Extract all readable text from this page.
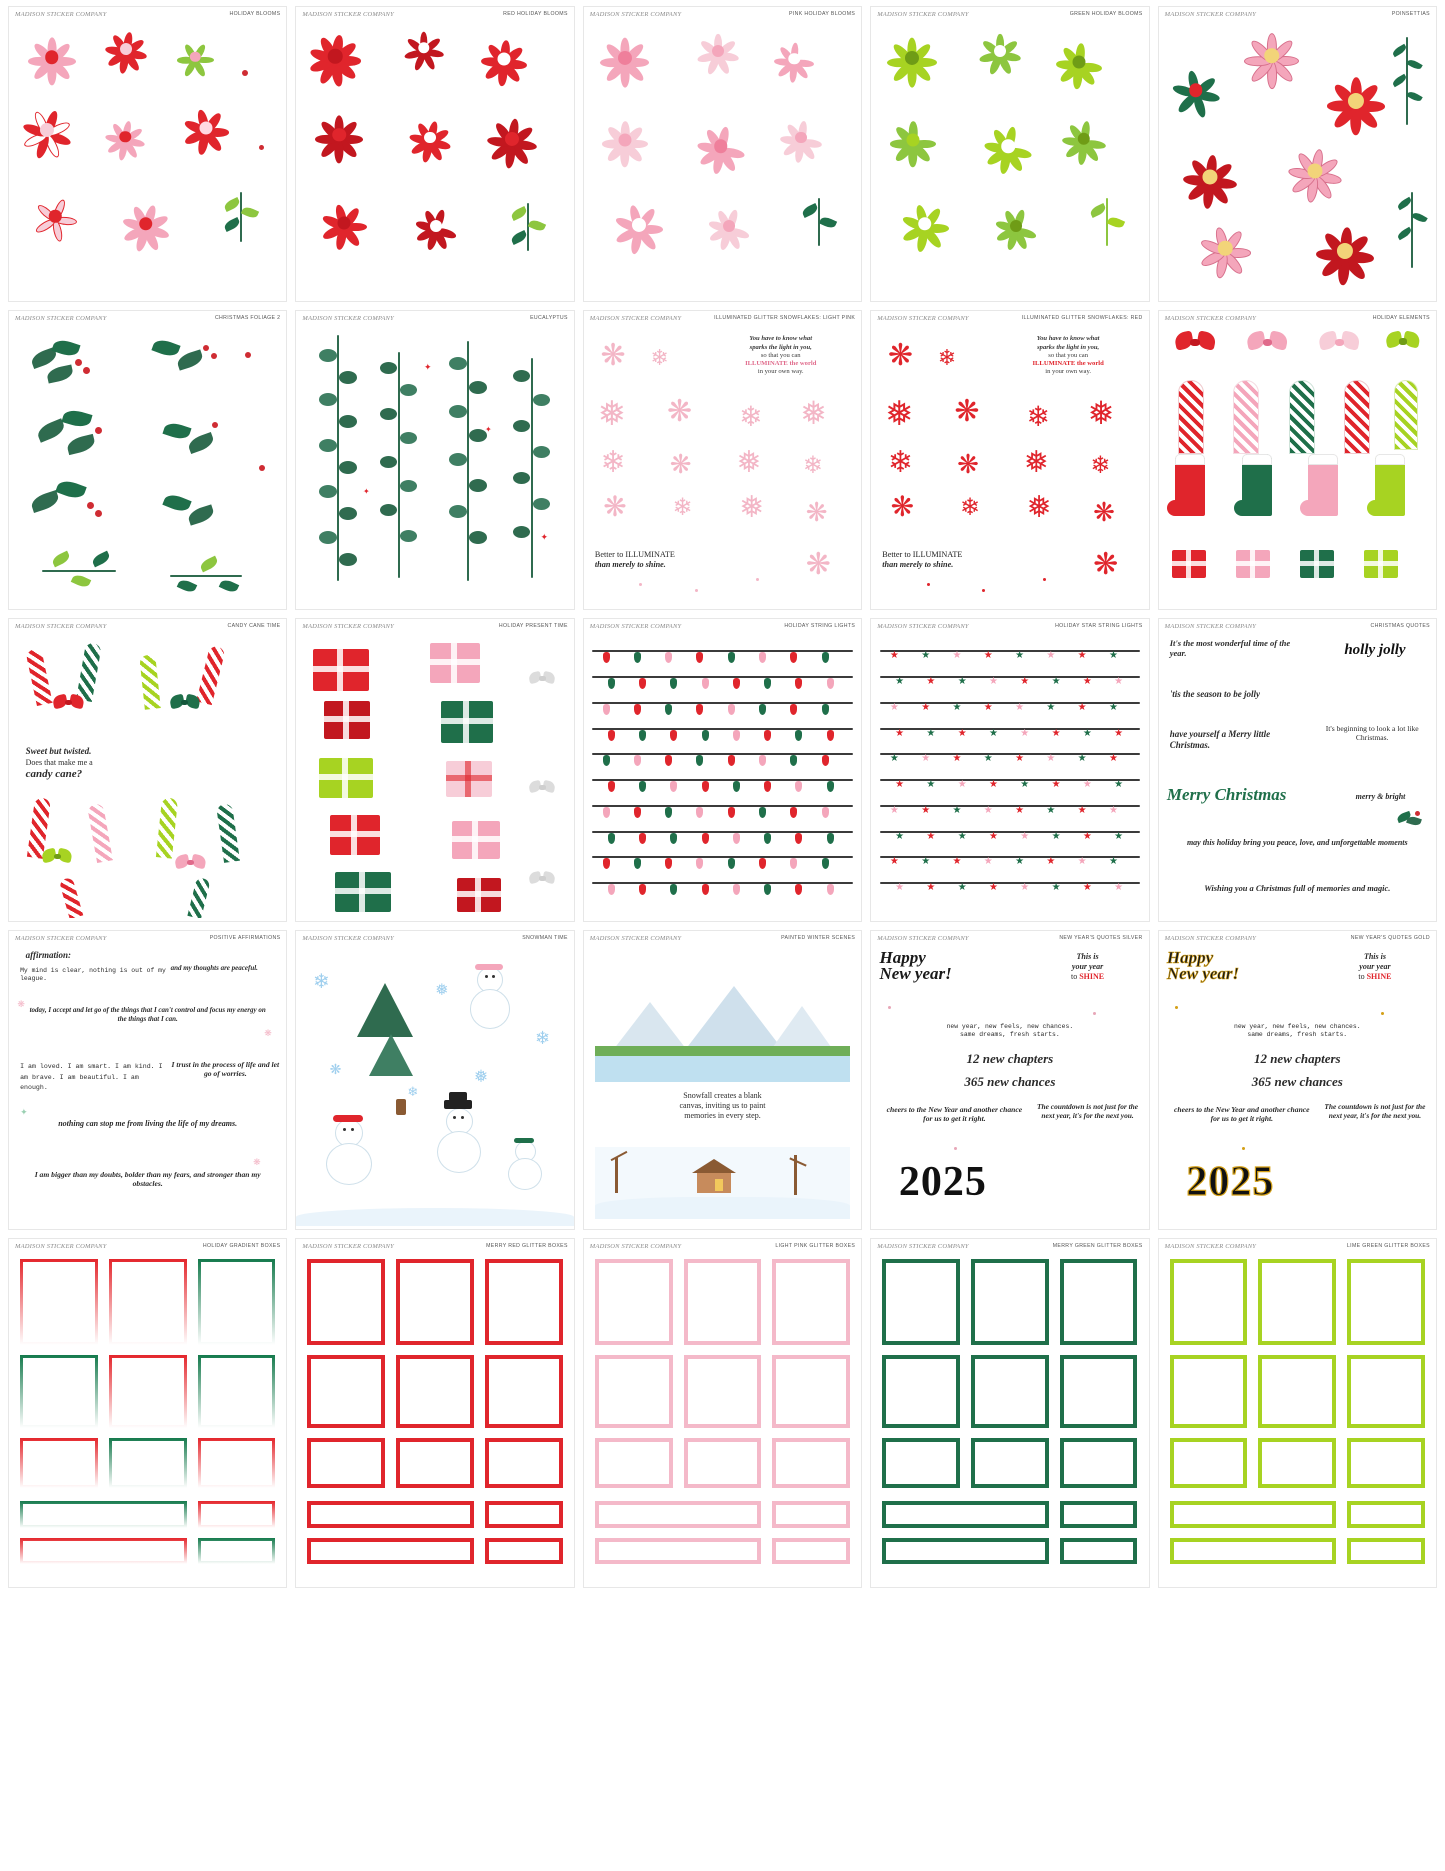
MADISON STICKER COMPANY	HOLIDAY BLOOMS	MADISON STICKER COMPANY	RED HOLIDAY BLOOMS	MADISON STICKER COMPANY	PINK HOLIDAY BLOOMS	MADISON STICKER COMPANY	GREEN HOLIDAY BLOOMS	MADISON STICKER COMPANY	POINSETTIAS
MADISON STICKER COMPANY	CHRISTMAS FOLIAGE 2	MADISON STICKER COMPANY	EUCALYPTUS
✦
✦
✦
✦
MADISON STICKER COMPANY	ILLUMINATED GLITTER SNOWFLAKES: LIGHT PINK
You have to know what
sparks the light in you,
so that you can
ILLUMINATE the world
in your own way.
❋ ❄
❅ ❋ ❄ ❅
❄ ❋ ❅ ❄
❋ ❄ ❅ ❋
Better to ILLUMINATE
than merely to shine.	❋
MADISON STICKER COMPANY	ILLUMINATED GLITTER SNOWFLAKES: RED
You have to know what
sparks the light in you,
so that you can
ILLUMINATE the world
in your own way.
❋ ❄
❅ ❋ ❄ ❅
❄ ❋ ❅ ❄
❋ ❄ ❅ ❋
Better to ILLUMINATE
than merely to shine.	❋
MADISON STICKER COMPANY	HOLIDAY ELEMENTS
MADISON STICKER COMPANY	CANDY CANE TIME
Sweet but twisted.
Does that make me a
candy cane?
MADISON STICKER COMPANY	HOLIDAY PRESENT TIME	MADISON STICKER COMPANY	HOLIDAY STRING LIGHTS	MADISON STICKER COMPANY	HOLIDAY STAR STRING LIGHTS
★ ★ ★ ★ ★ ★ ★ ★
★ ★ ★ ★ ★ ★ ★ ★
★ ★ ★ ★ ★ ★ ★ ★
★ ★ ★ ★ ★ ★ ★ ★
★ ★ ★ ★ ★ ★ ★ ★
★ ★ ★ ★ ★ ★ ★ ★
★ ★ ★ ★ ★ ★ ★ ★
★ ★ ★ ★ ★ ★ ★ ★
★ ★ ★ ★ ★ ★ ★ ★
★ ★ ★ ★ ★ ★ ★ ★
MADISON STICKER COMPANY	CHRISTMAS QUOTES
It's the most wonderful time of the year.	holly jolly
'tis the season to be jolly
have yourself a Merry little Christmas.
It's beginning to look a lot like Christmas.
Merry Christmas	merry & bright
may this holiday bring you peace, love, and unforgettable moments
Wishing you a Christmas full of memories and magic.
MADISON STICKER COMPANY	POSITIVE AFFIRMATIONS
affirmation:
My mind is clear, nothing is out of my league.
and my thoughts are peaceful.
today, I accept and let go of the things that I can't control and focus my energy on the things that I can.
I am loved. I am smart. I am kind. I am brave. I am beautiful. I am enough.
I trust in the process of life and let go of worries.
nothing can stop me from living the life of my dreams.
I am bigger than my doubts, bolder than my fears, and stronger than my obstacles.
❋
❋
✦
❋
MADISON STICKER COMPANY	SNOWMAN TIME
❄	❅
❄
❋	❅
❄
MADISON STICKER COMPANY	PAINTED WINTER SCENES
Snowfall creates a blank
canvas, inviting us to paint
memories in every step.
MADISON STICKER COMPANY	NEW YEAR'S QUOTES SILVER
Happy
New year!
This is
your year
to SHINE
new year, new feels, new chances.
same dreams, fresh starts.
12 new chapters
365 new chances
cheers to the New Year and another chance for us to get it right.
The countdown is not just for the next year, it's for the next you.
2025
MADISON STICKER COMPANY	NEW YEAR'S QUOTES GOLD
Happy
New year!
This is
your year
to SHINE
new year, new feels, new chances.
same dreams, fresh starts.
12 new chapters
365 new chances
cheers to the New Year and another chance for us to get it right.
The countdown is not just for the next year, it's for the next you.
2025
MADISON STICKER COMPANY	HOLIDAY GRADIENT BOXES	MADISON STICKER COMPANY	MERRY RED GLITTER BOXES	MADISON STICKER COMPANY	LIGHT PINK GLITTER BOXES	MADISON STICKER COMPANY	MERRY GREEN GLITTER BOXES	MADISON STICKER COMPANY	LIME GREEN GLITTER BOXES
